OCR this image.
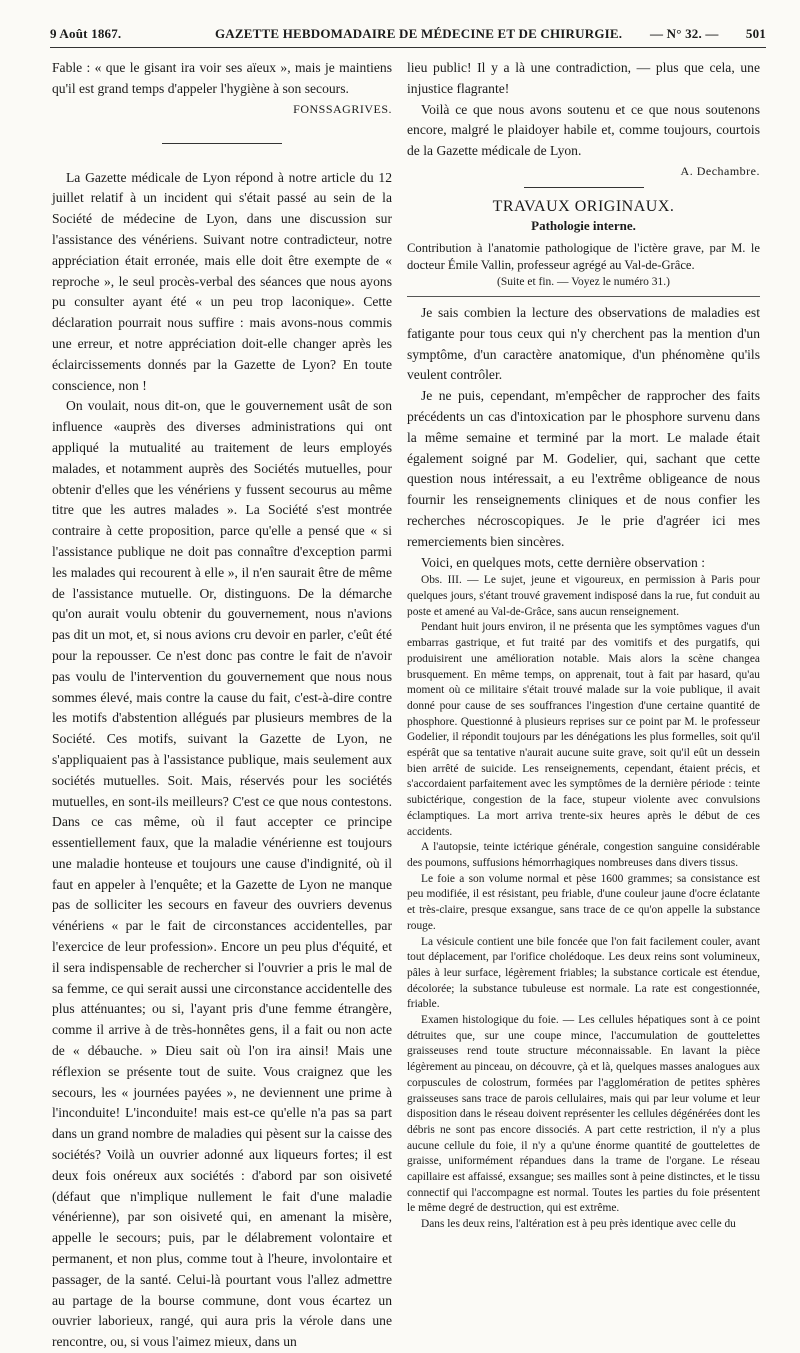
9 Août 1867.	GAZETTE HEBDOMADAIRE DE MÉDECINE ET DE CHIRURGIE. — N° 32. — 501

Fable : « que le gisant ira voir ses aïeux », mais je maintiens qu'il est grand temps d'appeler l'hygiène à son secours.

FONSSAGRIVES.

La Gazette médicale de Lyon répond à notre article du 12 juillet relatif à un incident qui s'était passé au sein de la Société de médecine de Lyon, dans une discussion sur l'assistance des vénériens. Suivant notre contradicteur, notre appréciation était erronée, mais elle doit être exempte de « reproche », le seul procès-verbal des séances que nous ayons pu consulter ayant été « un peu trop laconique». Cette déclaration pourrait nous suffire : mais avons-nous commis une erreur, et notre appréciation doit-elle changer après les éclaircissements donnés par la Gazette de Lyon? En toute conscience, non !

On voulait, nous dit-on, que le gouvernement usât de son influence «auprès des diverses administrations qui ont appliqué la mutualité au traitement de leurs employés malades, et notamment auprès des Sociétés mutuelles, pour obtenir d'elles que les vénériens y fussent secourus au même titre que les autres malades ». La Société s'est montrée contraire à cette proposition, parce qu'elle a pensé que « si l'assistance publique ne doit pas connaître d'exception parmi les malades qui recourent à elle », il n'en saurait être de même de l'assistance mutuelle. Or, distinguons. De la démarche qu'on aurait voulu obtenir du gouvernement, nous n'avions pas dit un mot, et, si nous avions cru devoir en parler, c'eût été pour la repousser. Ce n'est donc pas contre le fait de n'avoir pas voulu de l'intervention du gouvernement que nous nous sommes élevé, mais contre la cause du fait, c'est-à-dire contre les motifs d'abstention allégués par plusieurs membres de la Société. Ces motifs, suivant la Gazette de Lyon, ne s'appliquaient pas à l'assistance publique, mais seulement aux sociétés mutuelles. Soit. Mais, réservés pour les sociétés mutuelles, en sont-ils meilleurs? C'est ce que nous contestons. Dans ce cas même, où il faut accepter ce principe essentiellement faux, que la maladie vénérienne est toujours une maladie honteuse et toujours une cause d'indignité, où il faut en appeler à l'enquête; et la Gazette de Lyon ne manque pas de solliciter les secours en faveur des ouvriers devenus vénériens « par le fait de circonstances accidentelles, par l'exercice de leur profession». Encore un peu plus d'équité, et il sera indispensable de rechercher si l'ouvrier a pris le mal de sa femme, ce qui serait aussi une circonstance accidentelle des plus atténuantes; ou si, l'ayant pris d'une femme étrangère, comme il arrive à de très-honnêtes gens, il a fait ou non acte de « débauche. » Dieu sait où l'on ira ainsi! Mais une réflexion se présente tout de suite. Vous craignez que les secours, les « journées payées », ne deviennent une prime à l'inconduite! L'inconduite! mais est-ce qu'elle n'a pas sa part dans un grand nombre de maladies qui pèsent sur la caisse des sociétés? Voilà un ouvrier adonné aux liqueurs fortes; il est deux fois onéreux aux sociétés : d'abord par son oisiveté (défaut que n'implique nullement le fait d'une maladie vénérienne), par son oisiveté qui, en amenant la misère, appelle le secours; puis, par le délabrement volontaire et permanent, et non plus, comme tout à l'heure, involontaire et passager, de la santé. Celui-là pourtant vous l'allez admettre au partage de la bourse commune, dont vous écartez un ouvrier laborieux, rangé, qui aura pris la vérole dans une rencontre, ou, si vous l'aimez mieux, dans un

lieu public! Il y a là une contradiction, — plus que cela, une injustice flagrante!

Voilà ce que nous avons soutenu et ce que nous soutenons encore, malgré le plaidoyer habile et, comme toujours, courtois de la Gazette médicale de Lyon.

A. Dechambre.

TRAVAUX ORIGINAUX.

Pathologie interne.

Contribution à l'anatomie pathologique de l'ictère grave, par M. le docteur Émile Vallin, professeur agrégé au Val-de-Grâce.

(Suite et fin. — Voyez le numéro 31.)

Je sais combien la lecture des observations de maladies est fatigante pour tous ceux qui n'y cherchent pas la mention d'un symptôme, d'un caractère anatomique, d'un phénomène qu'ils veulent contrôler.

Je ne puis, cependant, m'empêcher de rapprocher des faits précédents un cas d'intoxication par le phosphore survenu dans la même semaine et terminé par la mort. Le malade était également soigné par M. Godelier, qui, sachant que cette question nous intéressait, a eu l'extrême obligeance de nous fournir les renseignements cliniques et de nous confier les recherches nécroscopiques. Je le prie d'agréer ici mes remerciements bien sincères.

Voici, en quelques mots, cette dernière observation :

Obs. III. — Le sujet, jeune et vigoureux, en permission à Paris pour quelques jours, s'étant trouvé gravement indisposé dans la rue, fut conduit au poste et amené au Val-de-Grâce, sans aucun renseignement.

Pendant huit jours environ, il ne présenta que les symptômes vagues d'un embarras gastrique, et fut traité par des vomitifs et des purgatifs, qui produisirent une amélioration notable. Mais alors la scène changea brusquement. En même temps, on apprenait, tout à fait par hasard, qu'au moment où ce militaire s'était trouvé malade sur la voie publique, il avait donné pour cause de ses souffrances l'ingestion d'une certaine quantité de phosphore. Questionné à plusieurs reprises sur ce point par M. le professeur Godelier, il répondit toujours par les dénégations les plus formelles, soit qu'il espérât que sa tentative n'aurait aucune suite grave, soit qu'il eût un dessein bien arrêté de suicide. Les renseignements, cependant, étaient précis, et s'accordaient parfaitement avec les symptômes de la dernière période : teinte subictérique, congestion de la face, stupeur violente avec convulsions éclamptiques. La mort arriva trente-six heures après le début de ces accidents.

A l'autopsie, teinte ictérique générale, congestion sanguine considérable des poumons, suffusions hémorrhagiques nombreuses dans divers tissus.

Le foie a son volume normal et pèse 1600 grammes; sa consistance est peu modifiée, il est résistant, peu friable, d'une couleur jaune d'ocre éclatante et très-claire, presque exsangue, sans trace de ce qu'on appelle la substance rouge.

La vésicule contient une bile foncée que l'on fait facilement couler, avant tout déplacement, par l'orifice cholédoque. Les deux reins sont volumineux, pâles à leur surface, légèrement friables; la substance corticale est étendue, décolorée; la substance tubuleuse est normale. La rate est congestionnée, friable.

Examen histologique du foie. — Les cellules hépatiques sont à ce point détruites que, sur une coupe mince, l'accumulation de gouttelettes graisseuses rend toute structure méconnaissable. En lavant la pièce légèrement au pinceau, on découvre, çà et là, quelques masses analogues aux corpuscules de colostrum, formées par l'agglomération de petites sphères graisseuses sans trace de parois cellulaires, mais qui par leur volume et leur disposition dans le réseau doivent représenter les cellules dégénérées dont les débris ne sont pas encore dissociés. A part cette restriction, il n'y a plus aucune cellule du foie, il n'y a qu'une énorme quantité de gouttelettes de graisse, uniformément répandues dans la trame de l'organe. Le réseau capillaire est affaissé, exsangue; ses mailles sont à peine distinctes, et le tissu connectif qui l'accompagne est normal. Toutes les parties du foie présentent le même degré de destruction, qui est extrême.

Dans les deux reins, l'altération est à peu près identique avec celle du
